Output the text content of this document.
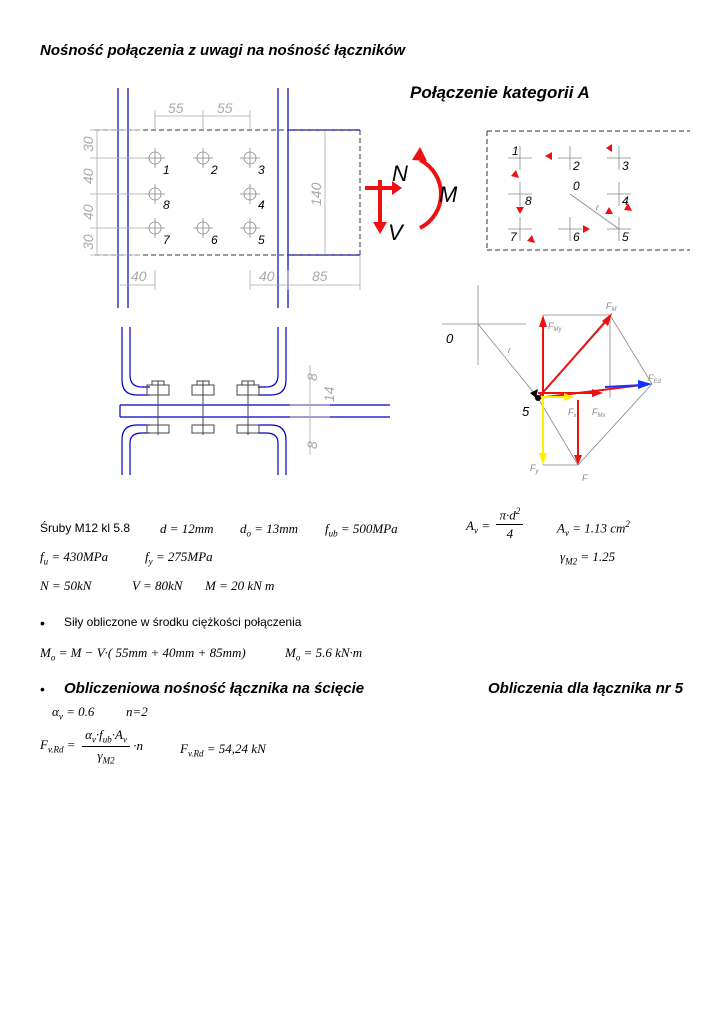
Nośność połączenia z uwagi na nośność łączników
Połączenie kategorii A
55 55
30
40
40
30
140
40	40	85
1	2	3
8	4
7	6	5
N
V
M
1
2	3
0
8	4
7	6	5
r
8
14
8
0
5
r
$F_M$
$F_{My}$
$F_{Ed}$
$F_x$ $F_{Mx}$
$F_y$
F
Śruby M12 kl 5.8 d = 12mm $d_o = 13mm$ $f_{ub} = 500MPa$	$A_v = \frac{\pi\cdot d^2}{4}$	$A_v = 1.13$ $cm^2$
$f_u = 430MPa$	$f_y = 275MPa$	$\gamma_{M2} = 1.25$
N = 50kN	V = 80kN M = 20 kN m
• Siły obliczone w środku ciężkości połączenia
$M_o = M - V\cdot$( 55mm + 40mm + 85mm)	$M_o = 5.6$ kN·m
• Obliczeniowa nośność łącznika na ścięcie	Obliczenia dla łącznika nr 5
$\alpha_v = 0.6$ n=2
$F_{v.Rd} = \frac{\alpha_v\cdot f_{ub}\cdot A_v}{\gamma_{M2}} \cdot n$	$F_{v.Rd} = 54,24$ kN
